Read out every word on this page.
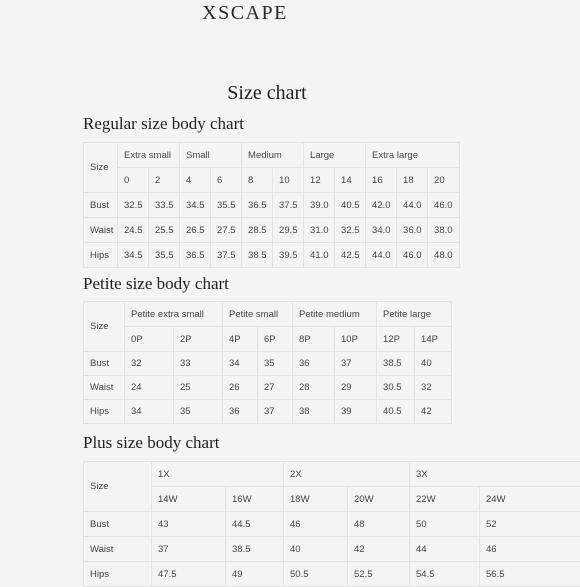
XSCAPE
Size chart
Regular size body chart
Size	Extra small		Small		Medium		Large		Extra large		
	0	2	4	6	8	10	12	14	16	18	20
Bust	32.5	33.5	34.5	35.5	36.5	37.5	39.0	40.5	42.0	44.0	46.0
Waist	24.5	25.5	26.5	27.5	28.5	29.5	31.0	32.5	34.0	36.0	38.0
Hips	34.5	35.5	36.5	37.5	38.5	39.5	41.0	42.5	44.0	46.0	48.0
Petite size body chart
Size	Petite extra small		Petite small		Petite medium		Petite large	
	0P	2P	4P	6P	8P	10P	12P	14P
Bust	32	33	34	35	36	37	38.5	40
Waist	24	25	26	27	28	29	30.5	32
Hips	34	35	36	37	38	39	40.5	42
Plus size body chart
Size	1X		2X		3X	
	14W	16W	18W	20W	22W	24W
Bust	43	44.5	46	48	50	52
Waist	37	38.5	40	42	44	46
Hips	47.5	49	50.5	52.5	54.5	56.5
